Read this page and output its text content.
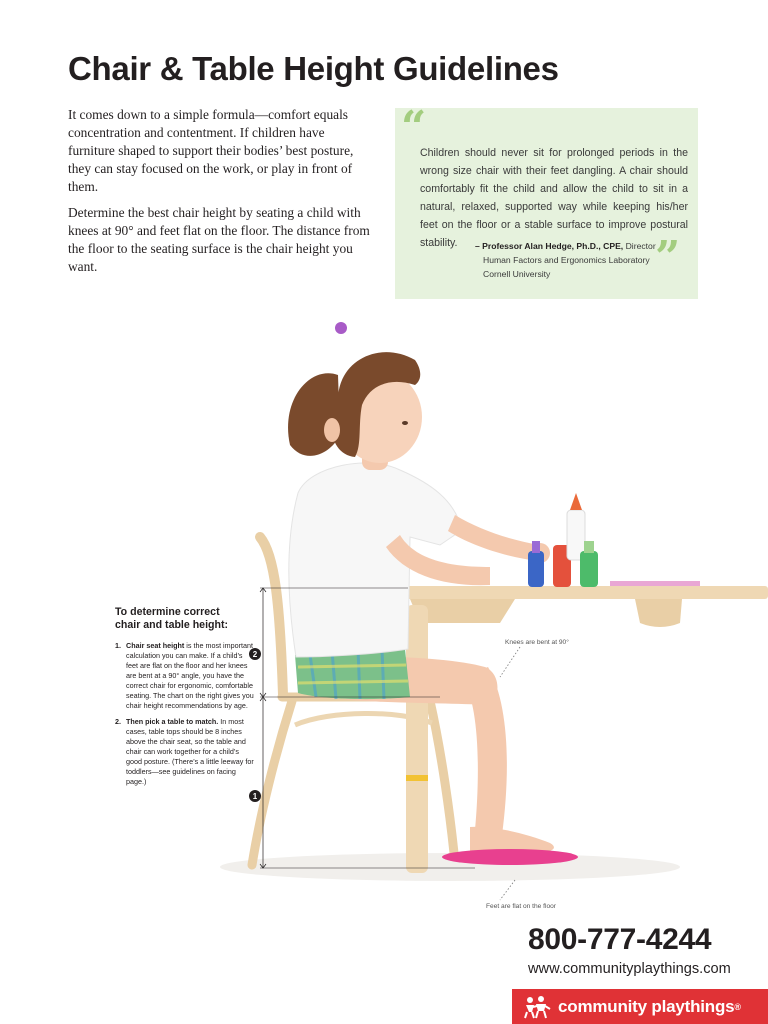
Chair & Table Height Guidelines

It comes down to a simple formula—comfort equals concentration and contentment. If children have furniture shaped to support their bodies’ best posture, they can stay focused on the work, or play in front of them.

Determine the best chair height by seating a child with knees at 90° and feet flat on the floor. The distance from the floor to the seating surface is the chair height you want.

“
Children should never sit for prolonged periods in the wrong size chair with their feet dangling. A chair should comfortably fit the child and allow the child to sit in a natural, relaxed, supported way while keeping his/her feet on the floor or a stable surface to improve postural stability.	– Professor Alan Hedge, Ph.D., CPE, Director
Human Factors and Ergonomics Laboratory
Cornell University	”
2
1
To determine correct
chair and table height:
1. Chair seat height is the most important calculation you can make. If a child’s feet are flat on the floor and her knees are bent at a 90° angle, you have the correct chair for ergonomic, comfortable seating. The chart on the right gives you chair height recommendations by age.
2. Then pick a table to match. In most cases, table tops should be 8 inches above the chair seat, so the table and chair can work together for a child’s good posture. (There’s a little leeway for toddlers—see guidelines on facing page.)
Knees are bent at 90°
Feet are flat on the floor
800-777-4244
www.communityplaythings.com
community playthings ®
